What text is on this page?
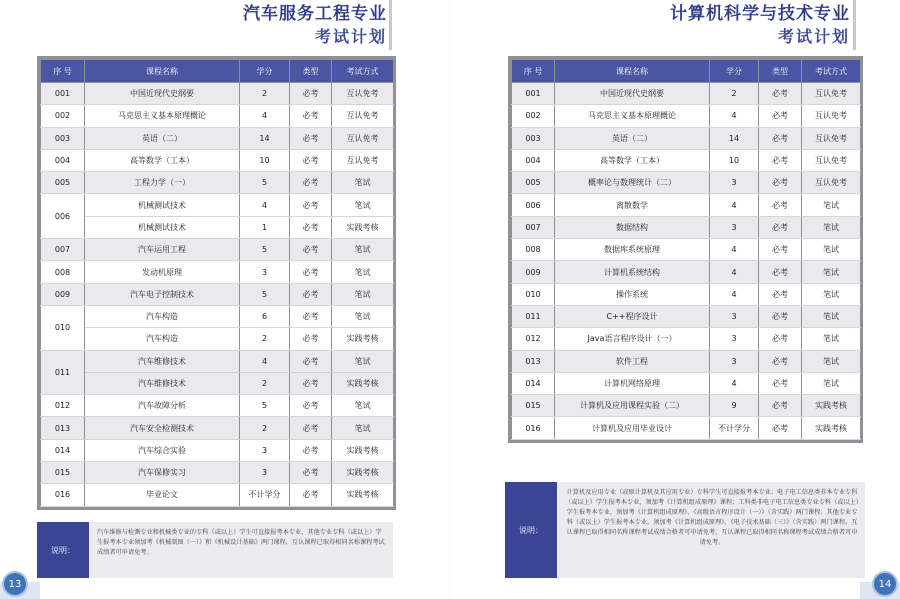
汽车服务工程专业
考试计划
序 号	课程名称	学分	类型	考试方式
001	中国近现代史纲要	2	必考	互认免考
002	马克思主义基本原理概论	4	必考	互认免考
003	英语（二）	14	必考	互认免考
004	高等数学（工本）	10	必考	互认免考
005	工程力学（一）	5	必考	笔试
006	机械测试技术	4	必考	笔试
	机械测试技术	1	必考	实践考核
007	汽车运用工程	5	必考	笔试
008	发动机原理	3	必考	笔试
009	汽车电子控制技术	5	必考	笔试
010	汽车构造	6	必考	笔试
	汽车构造	2	必考	实践考核
011	汽车维修技术	4	必考	笔试
	汽车维修技术	2	必考	实践考核
012	汽车故障分析	5	必考	笔试
013	汽车安全检测技术	2	必考	笔试
014	汽车综合实验	3	必考	实践考核
015	汽车保修实习	3	必考	实践考核
016	毕业论文	不计学分	必考	实践考核
说明：
汽车维修与检测专业和机械类专业的专科（或以上）学生可直接报考本专业，其他专业专科（或以上）学生报考本专业须加考《机械制图（一）》和《机械设计基础》两门课程，互认课程已取得相同名称课程考试成绩者可申请免考。
13
计算机科学与技术专业
考试计划
序 号	课程名称	学分	类型	考试方式
001	中国近现代史纲要	2	必考	互认免考
002	马克思主义基本原理概论	4	必考	互认免考
003	英语（二）	14	必考	互认免考
004	高等数学（工本）	10	必考	互认免考
005	概率论与数理统计（二）	3	必考	互认免考
006	离散数学	4	必考	笔试
007	数据结构	3	必考	笔试
008	数据库系统原理	4	必考	笔试
009	计算机系统结构	4	必考	笔试
010	操作系统	4	必考	笔试
011	C++程序设计	3	必考	笔试
012	Java语言程序设计（一）	3	必考	笔试
013	软件工程	3	必考	笔试
014	计算机网络原理	4	必考	笔试
015	计算机及应用课程实验（二）	9	必考	实践考核
016	计算机及应用毕业设计	不计学分	必考	实践考核
说明：
计算机及应用专业（或原计算机及其应用专业）专科学生可直接报考本专业；电子电工信息类非本专业专科（或以上）学生报考本专业，须加考《计算机组成原理》课程；工科类非电子电工信息类专业专科（或以上）学生报考本专业，须加考《计算机组成原理》、《高级语言程序设计（一）》（含实践）两门课程；其他专业专科（或以上）学生报考本专业，须加考《计算机组成原理》、《电子技术基础（三）》（含实践）两门课程。互认课程已取得相同名称课程考试成绩合格者可申请免考，互认课程已取得相同名称课程考试成绩合格者可申请免考。
14
